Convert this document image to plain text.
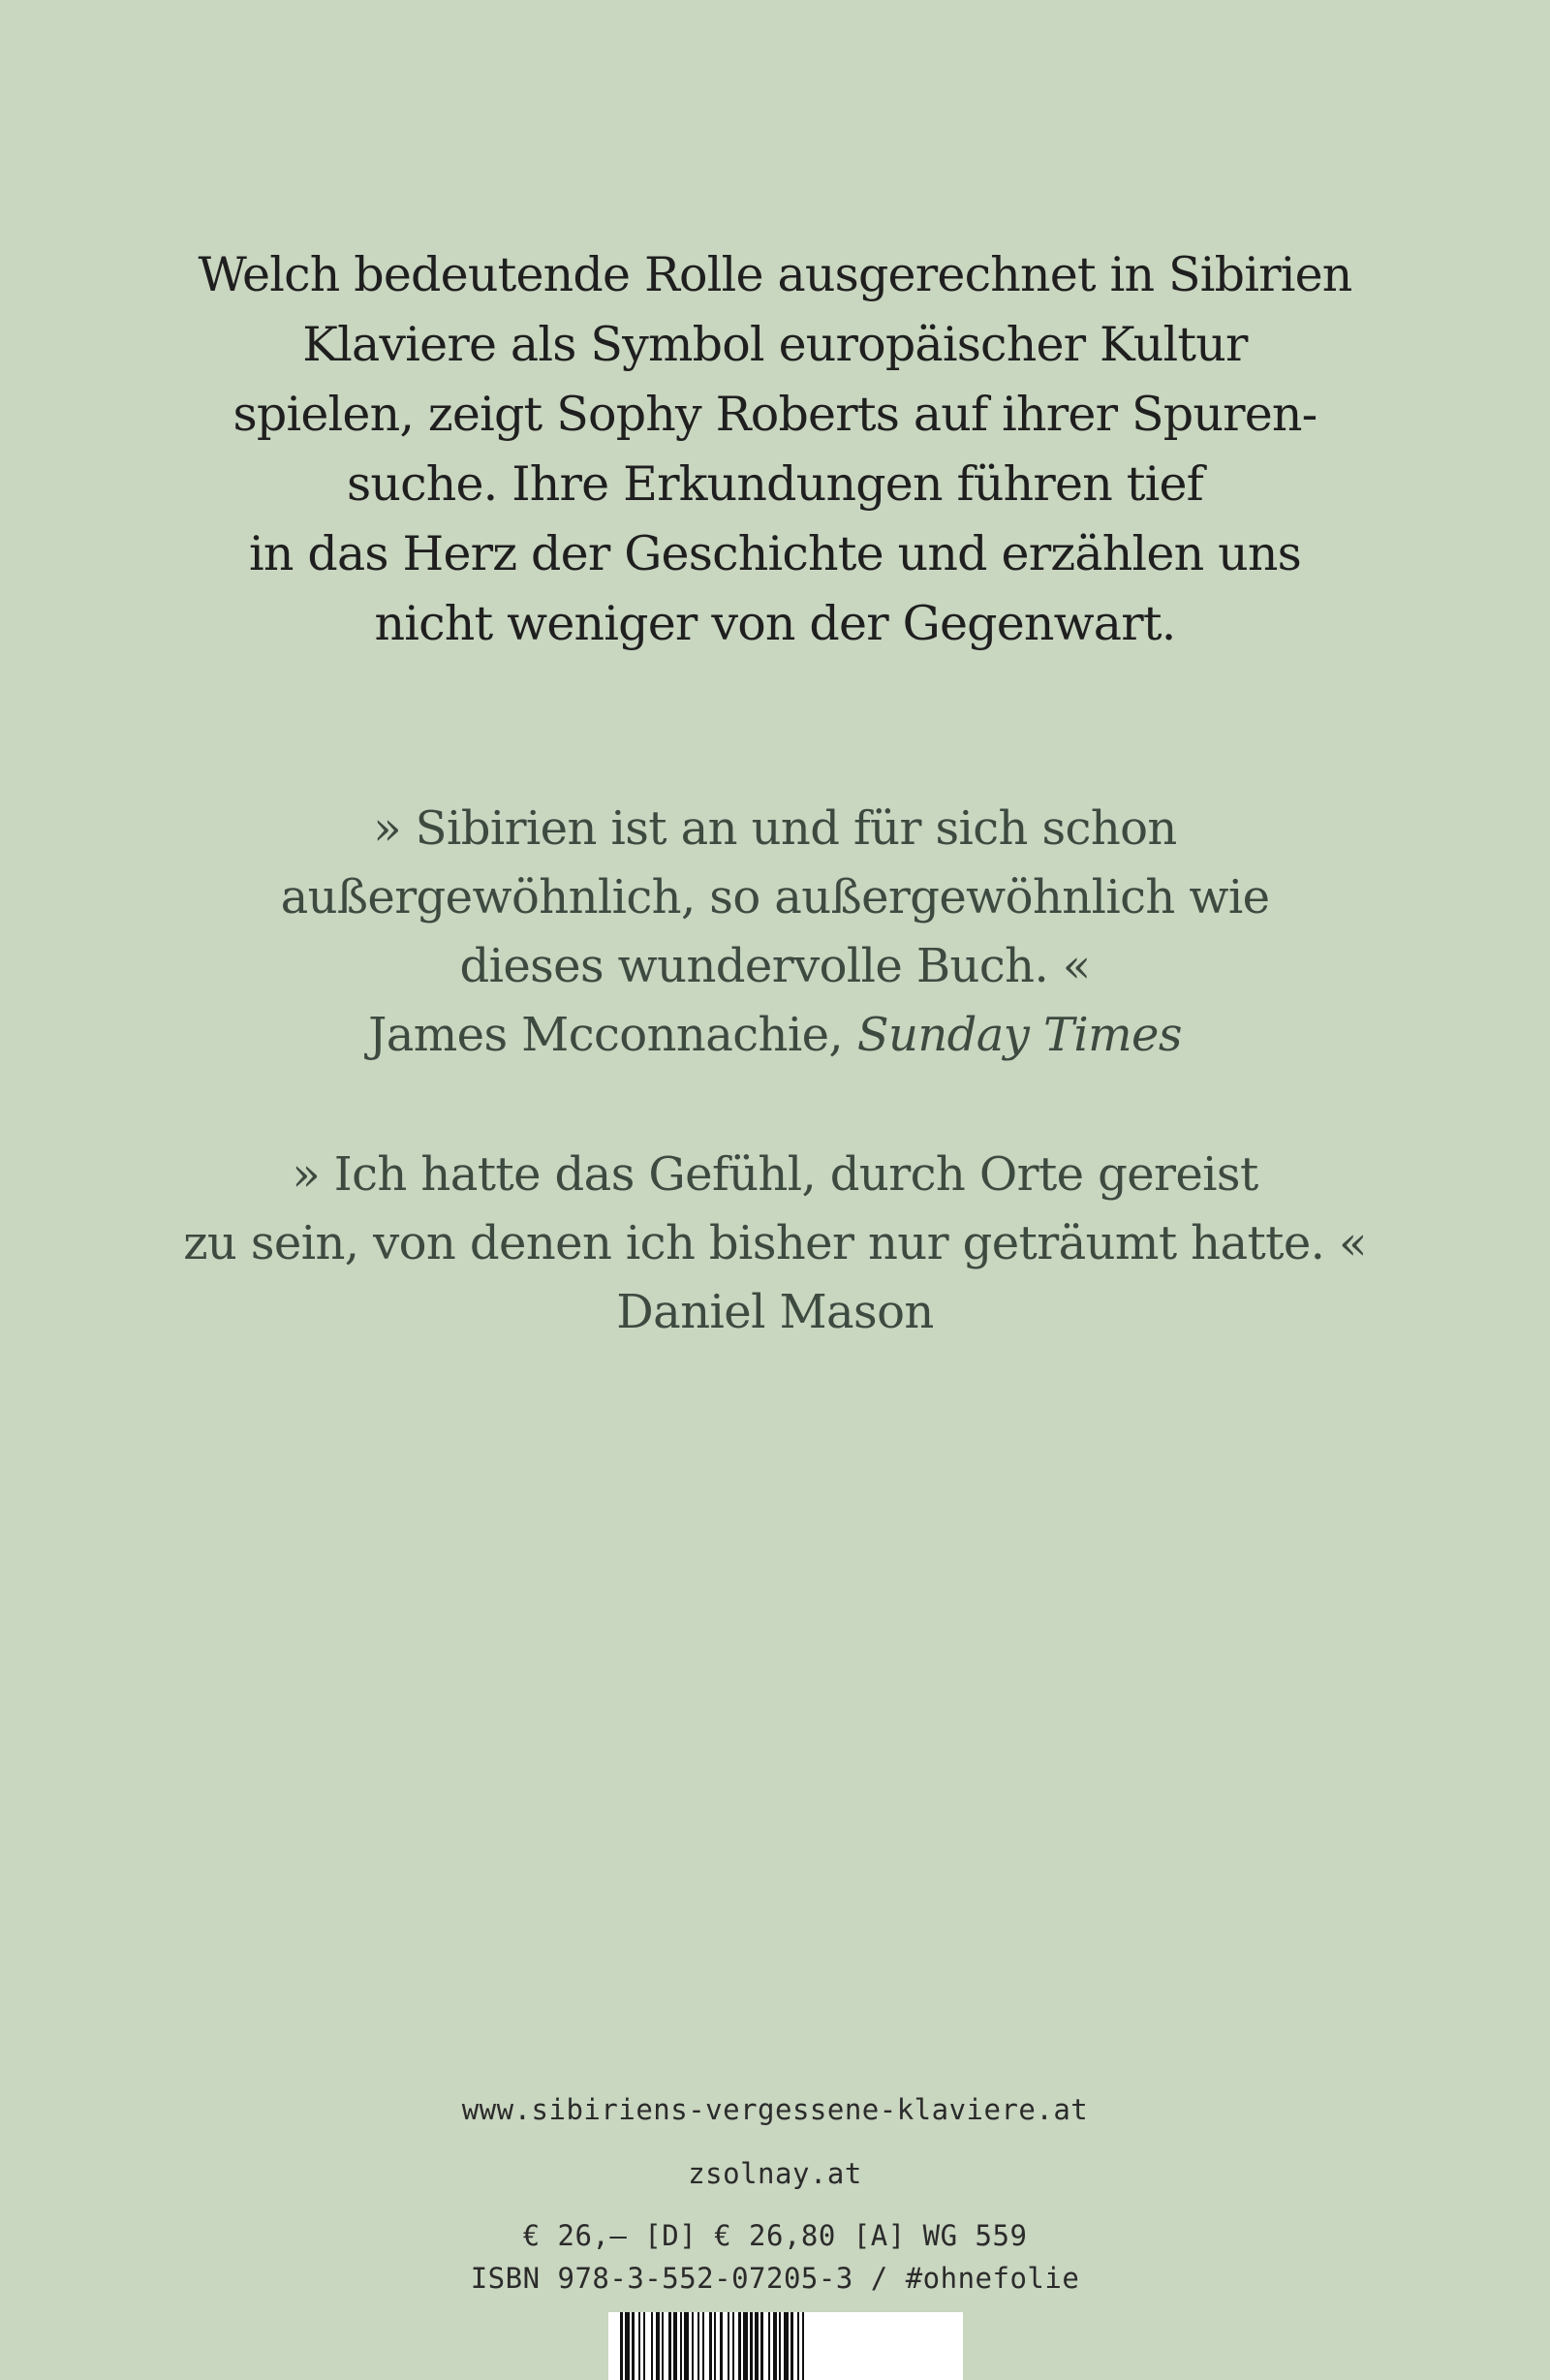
Welch bedeutende Rolle ausgerechnet in Sibirien
Klaviere als Symbol europäischer Kultur
spielen, zeigt Sophy Roberts auf ihrer Spuren-
suche. Ihre Erkundungen führen tief
in das Herz der Geschichte und erzählen uns
nicht weniger von der Gegenwart.
» Sibirien ist an und für sich schon
außergewöhnlich, so außergewöhnlich wie
dieses wundervolle Buch. «
James Mcconnachie, Sunday Times
» Ich hatte das Gefühl, durch Orte gereist
zu sein, von denen ich bisher nur geträumt hatte. «
Daniel Mason
www.sibiriens-vergessene-klaviere.at
zsolnay.at
€ 26,– [D] € 26,80 [A] WG 559
ISBN 978-3-552-07205-3 / #ohnefolie
